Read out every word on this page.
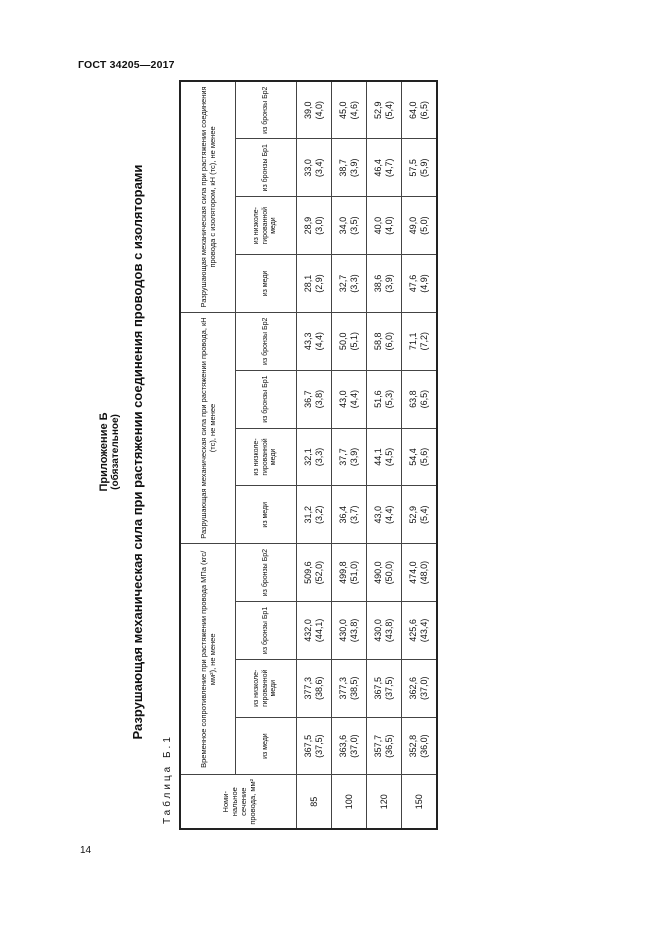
ГОСТ 34205—2017
Приложение Б (обязательное) Разрушающая механическая сила при растяжении соединения проводов с изоляторами
Таблица Б.1	Номи-нальное сечение провода, мм²	Временное сопротивление при растяжении провода МПа (кгс/мм²), не менее				Разрушающая механическая сила при растяжении провода, кН (тс), не менее				Разрушающая механическая сила при растяжении соединения провода с изолятором, кН (тс), не менее			
	из меди	из низколе-гированной меди	из бронзы Бр1	из бронзы Бр2	из меди	из низколе-гированной меди	из бронзы Бр1	из бронзы Бр2	из меди	из низколе-гированной меди	из бронзы Бр1	из бронзы Бр2
85	367,5 (37,5)	377,3 (38,6)	432,0 (44,1)	509,6 (52,0)	31,2 (3,2)	32,1 (3,3)	36,7 (3,8)	43,3 (4,4)	28,1 (2,9)	28,9 (3,0)	33,0 (3,4)	39,0 (4,0)

100	363,6 (37,0)	377,3 (38,5)	430,0 (43,8)	499,8 (51,0)	36,4 (3,7)	37,7 (3,9)	43,0 (4,4)	50,0 (5,1)	32,7 (3,3)	34,0 (3,5)	38,7 (3,9)	45,0 (4,6)

120	357,7 (36,5)	367,5 (37,5)	430,0 (43,8)	490,0 (50,0)	43,0 (4,4)	44,1 (4,5)	51,6 (5,3)	58,8 (6,0)	38,6 (3,9)	40,0 (4,0)	46,4 (4,7)	52,9 (5,4)

150	352,8 (36,0)	362,6 (37,0)	425,6 (43,4)	474,0 (48,0)	52,9 (5,4)	54,4 (5,6)	63,8 (6,5)	71,1 (7,2)	47,6 (4,9)	49,0 (5,0)	57,5 (5,9)	64,0 (6,5)
14
